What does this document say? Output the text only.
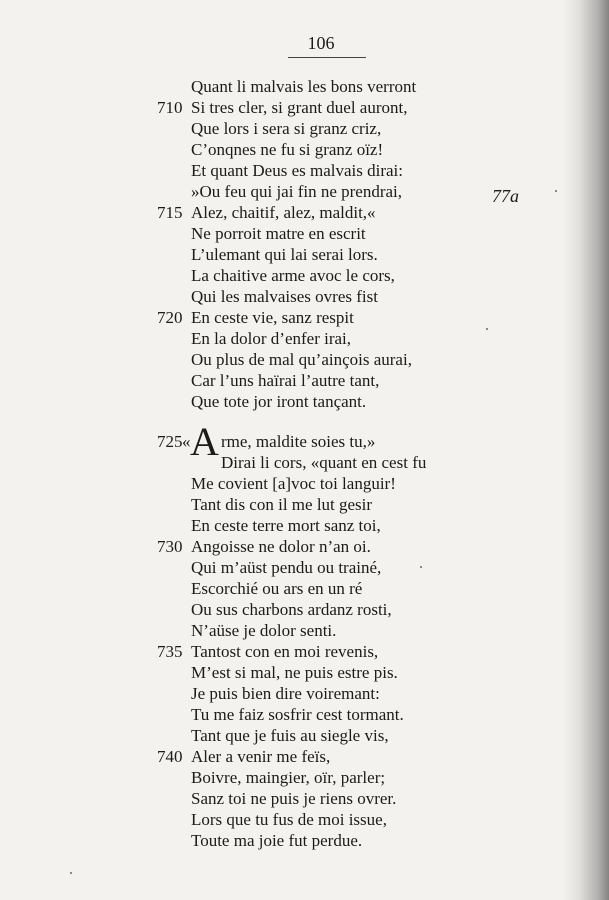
106
77a
Quant li malvais les bons verront
710 Si tres cler, si grant duel auront,
Que lors i sera si granz criz,
C’onqnes ne fu si granz oïz!
Et quant Deus es malvais dirai:
»Ou feu qui jai fin ne prendrai,
715 Alez, chaitif, alez, maldit,«
Ne porroit matre en escrit
L’ulemant qui lai serai lors.
La chaitive arme avoc le cors,
Qui les malvaises ovres fist
720 En ceste vie, sanz respit
En la dolor d’enfer irai,
Ou plus de mal qu’ainçois aurai,
Car l’uns haïrai l’autre tant,
Que tote jor iront tançant.
725 « A rme, maldite soies tu,»
Dirai li cors, «quant en cest fu
Me covient [a]voc toi languir!
Tant dis con il me lut gesir
En ceste terre mort sanz toi,
730 Angoisse ne dolor n’an oi.
Qui m’aüst pendu ou trainé,
Escorchié ou ars en un ré
Ou sus charbons ardanz rosti,
N’aüse je dolor senti.
735 Tantost con en moi revenis,
M’est si mal, ne puis estre pis.
Je puis bien dire voiremant:
Tu me faiz sosfrir cest tormant.
Tant que je fuis au siegle vis,
740 Aler a venir me feïs,
Boivre, maingier, oïr, parler;
Sanz toi ne puis je riens ovrer.
Lors que tu fus de moi issue,
Toute ma joie fut perdue.
